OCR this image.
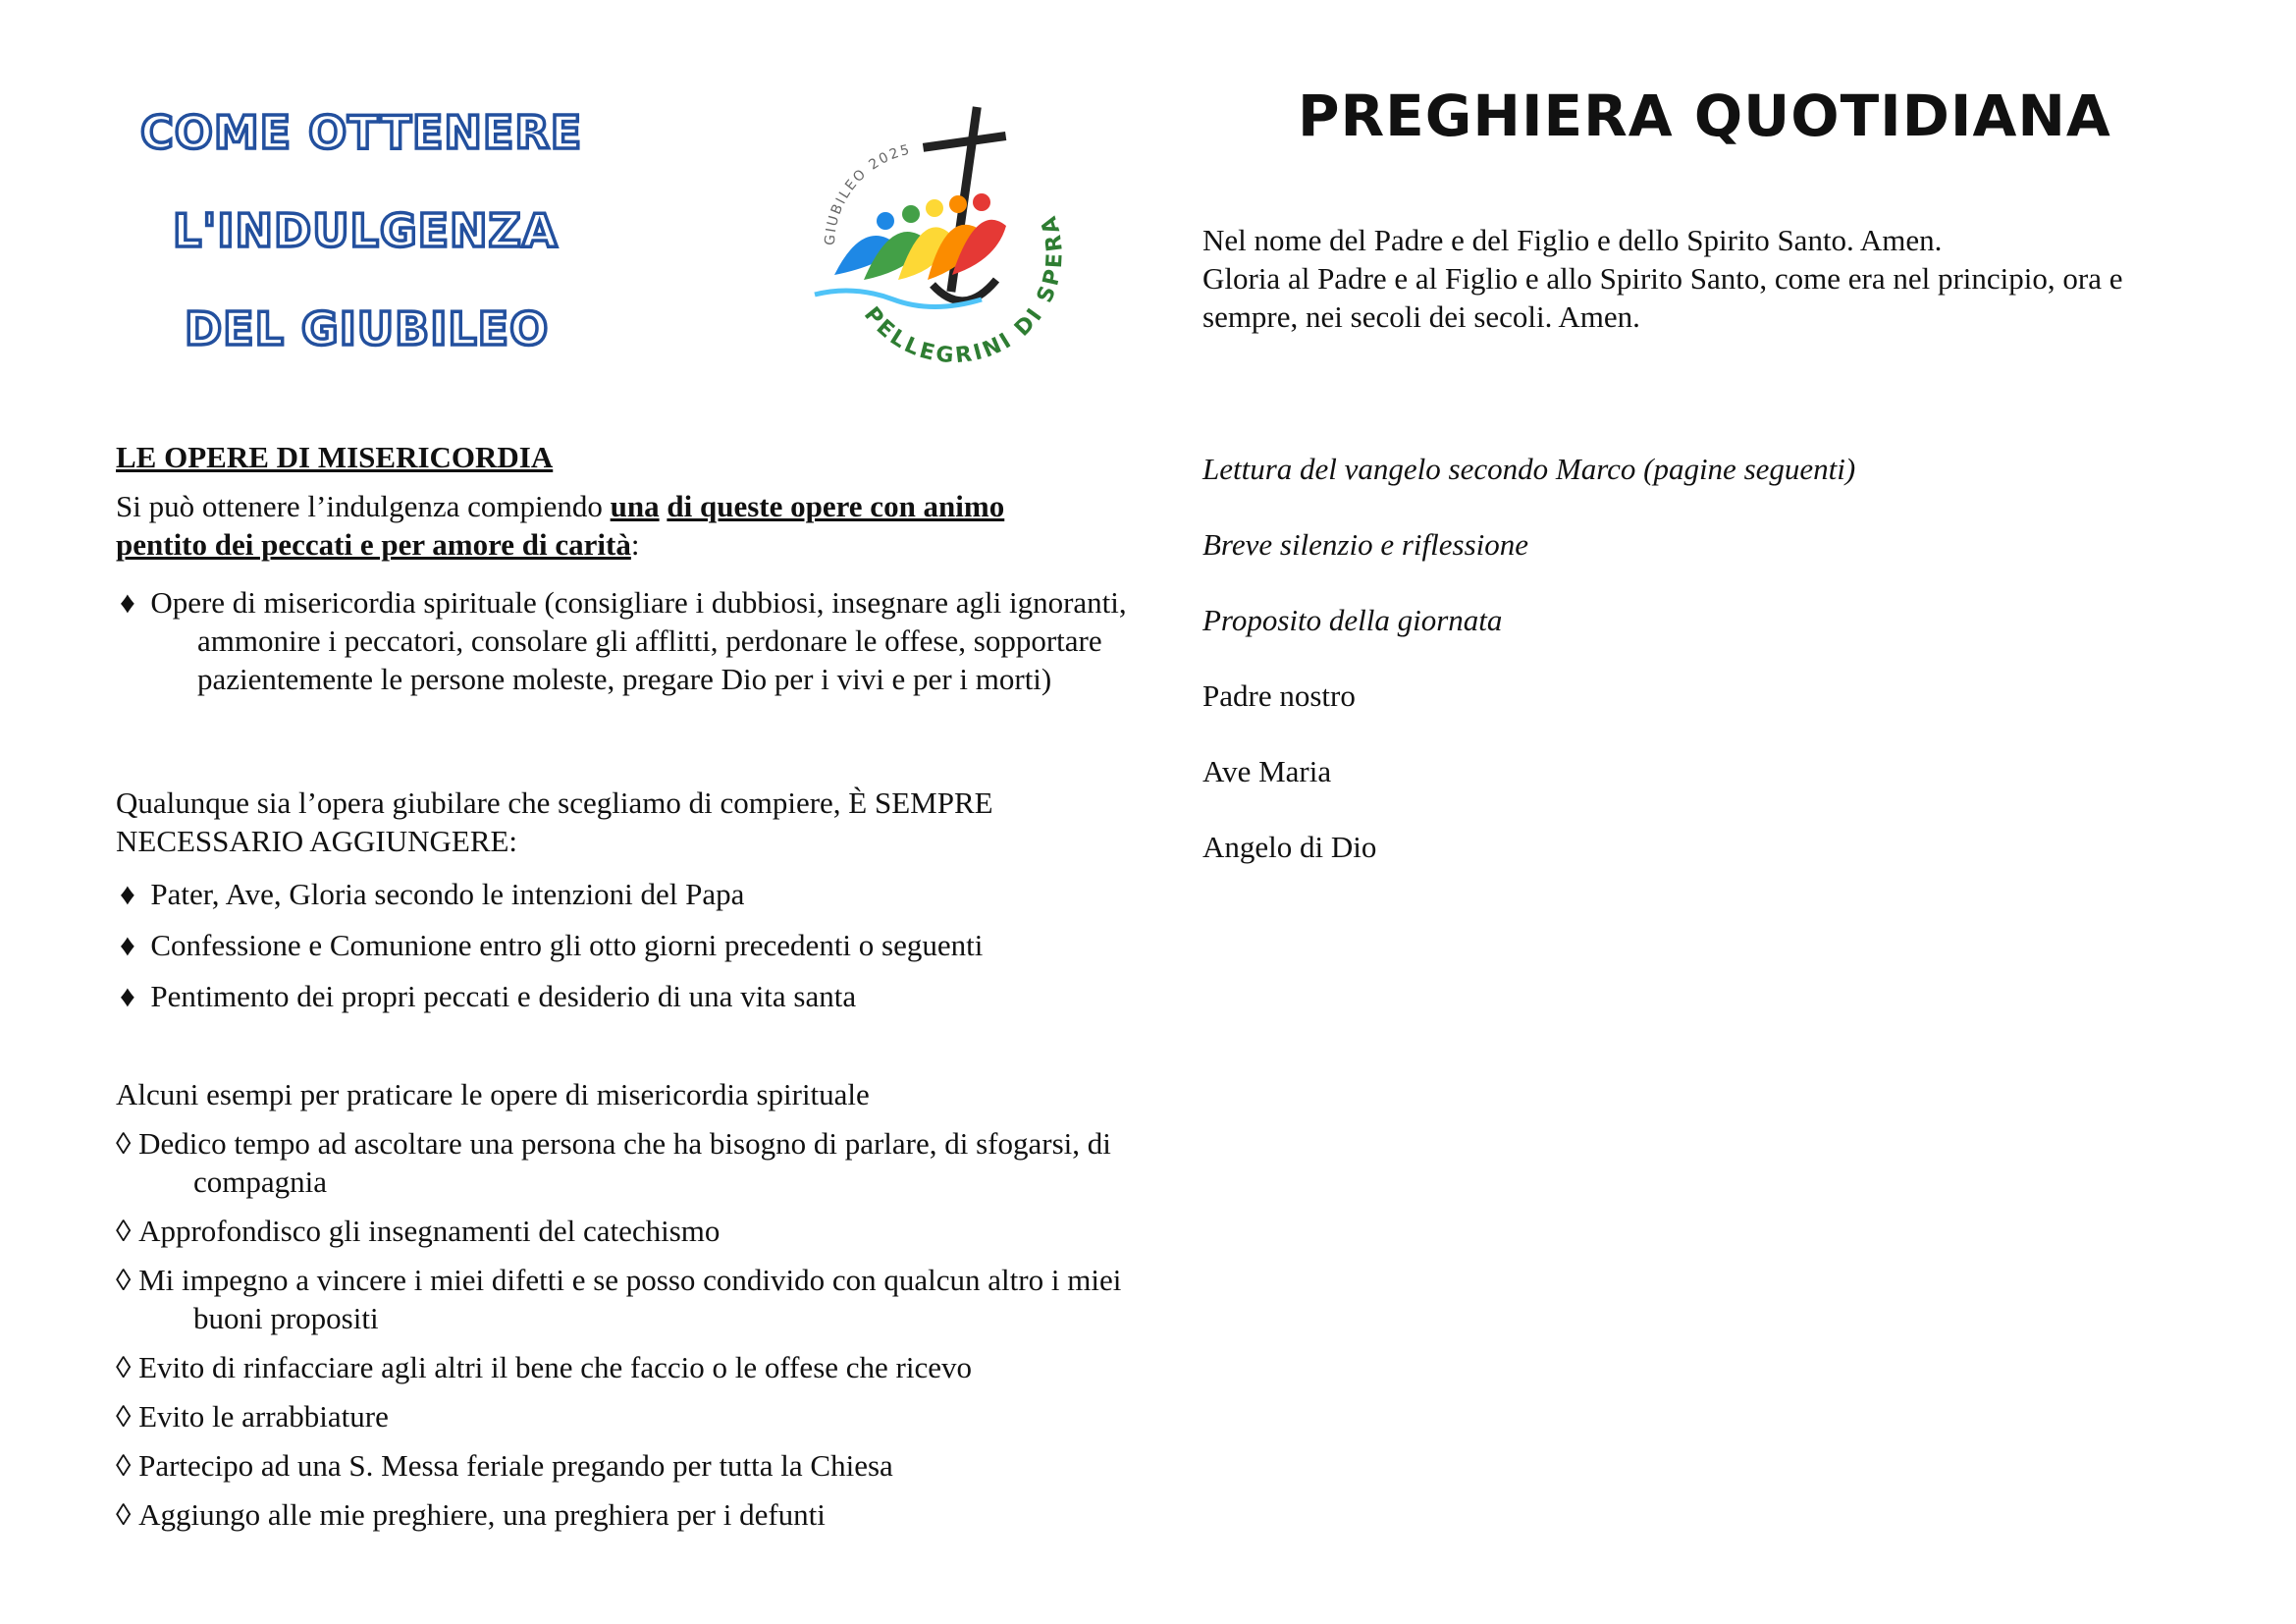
COME OTTENERE
L'INDULGENZA
DEL GIUBILEO
GIUBILEO 2025
PELLEGRINI DI SPERA
LE OPERE DI MISERICORDIA
Si può ottenere l’indulgenza compiendo una di queste opere con animo
pentito dei peccati e per amore di carità:
♦ Opere di misericordia spirituale (consigliare i dubbiosi, insegnare agli ignoranti, ammonire i peccatori, consolare gli afflitti, perdonare le offese, sopportare pazientemente le persone moleste, pregare Dio per i vivi e per i morti)
Qualunque sia l’opera giubilare che scegliamo di compiere, È SEMPRE
NECESSARIO AGGIUNGERE:
♦ Pater, Ave, Gloria secondo le intenzioni del Papa
♦ Confessione e Comunione entro gli otto giorni precedenti o seguenti
♦ Pentimento dei propri peccati e desiderio di una vita santa
Alcuni esempi per praticare le opere di misericordia spirituale
◊ Dedico tempo ad ascoltare una persona che ha bisogno di parlare, di sfogarsi, di compagnia
◊ Approfondisco gli insegnamenti del catechismo
◊ Mi impegno a vincere i miei difetti e se posso condivido con qualcun altro i miei buoni propositi
◊ Evito di rinfacciare agli altri il bene che faccio o le offese che ricevo
◊ Evito le arrabbiature
◊ Partecipo ad una S. Messa feriale pregando per tutta la Chiesa
◊ Aggiungo alle mie preghiere, una preghiera per i defunti
PREGHIERA QUOTIDIANA
Nel nome del Padre e del Figlio e dello Spirito Santo. Amen.
Gloria al Padre e al Figlio e allo Spirito Santo, come era nel principio, ora e
sempre, nei secoli dei secoli. Amen.
Lettura del vangelo secondo Marco (pagine seguenti)
Breve silenzio e riflessione
Proposito della giornata
Padre nostro
Ave Maria
Angelo di Dio
